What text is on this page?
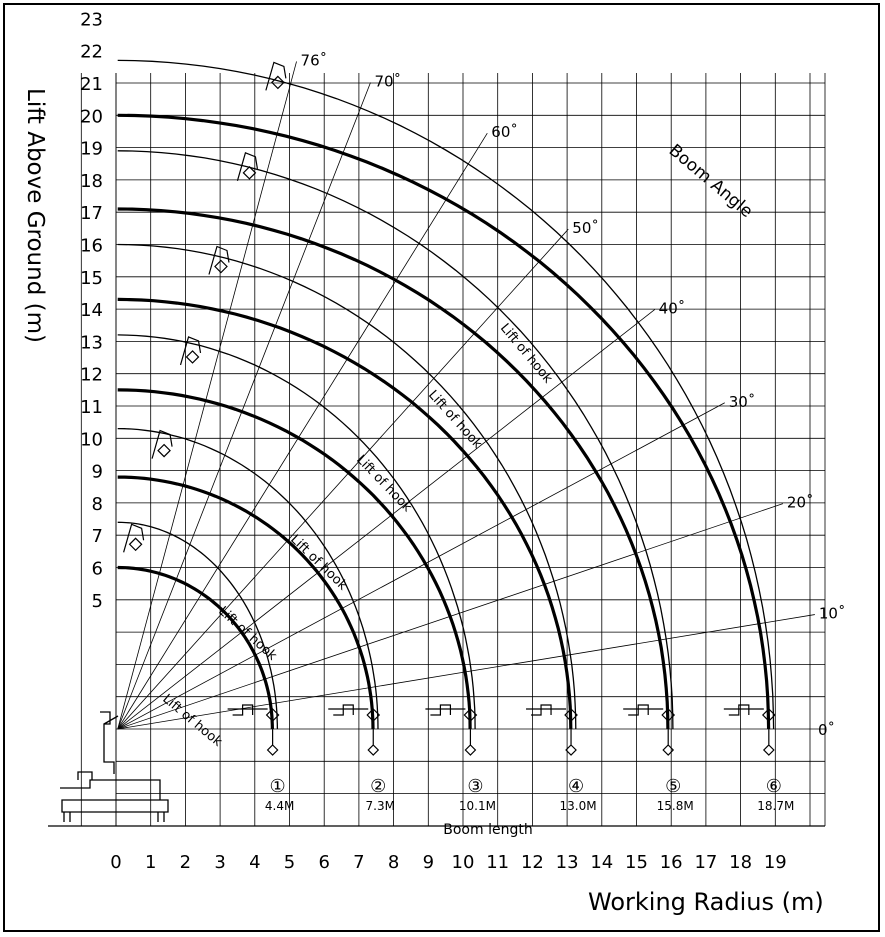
Lift Above Ground (m)
Working Radius (m)
0 1 2 3 4 5 6 7 8 9 10 11 12 13 14 15 16 17 18 19
5
6
7
8
9
10
11
12
13
14
15
16
17
18
19
20
21
22
23
76˚
70˚
60˚
50˚
40˚
30˚
20˚
10˚
0˚
①
4.4M
②
7.3M
③
10.1M
④
13.0M
⑤
15.8M
⑥
18.7M
Lift of hook
Lift of hook
Lift of hook
Lift of hook
Lift of hook
Lift of hook
Boom Angle
Boom length
